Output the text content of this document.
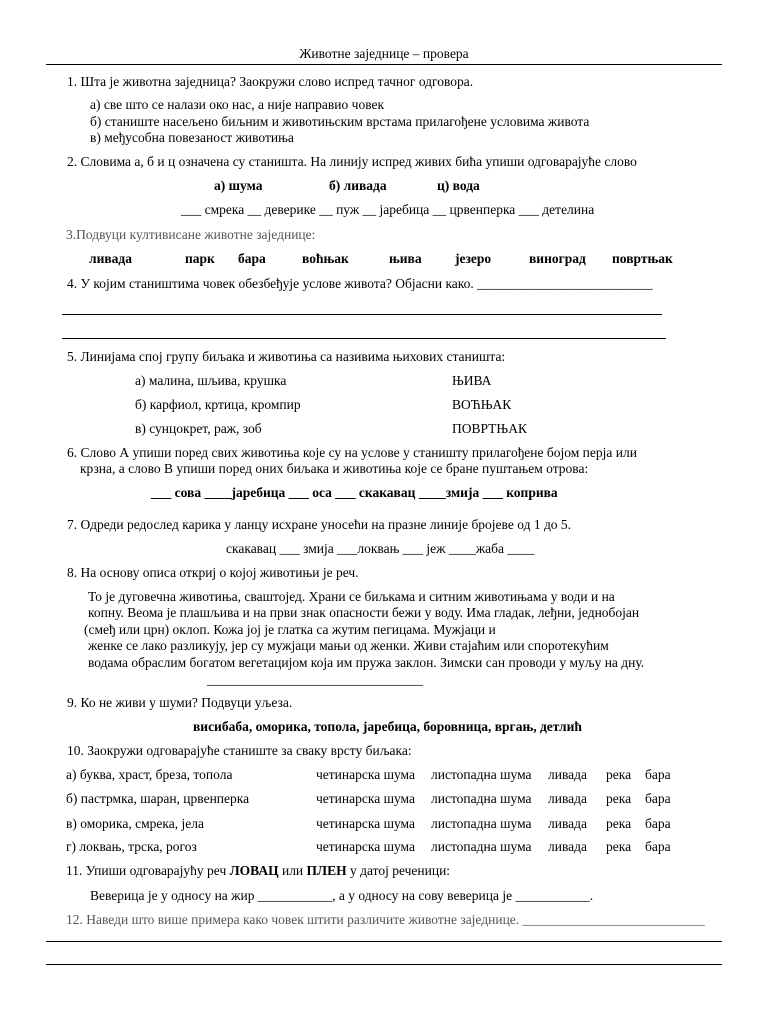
Животне заједнице – провера
1. Шта је животна заједница? Заокружи слово испред тачног одговора.
а) све што се налази око нас, а није направио човек
б) станиште насељено биљним и животињским врстама прилагођене условима живота
в) међусобна повезаност животиња
2. Словима а, б и ц означена су станишта. На линију испред живих бића упиши одговарајуће слово
а) шума	б) ливада	ц) вода
___ смрека __ деверике __ пуж __ јаребица __ црвенперка ___ детелина
3.Подвуци култивисане животне заједнице:
ливада	парк бара	воћњак	њива језеро	виноград повртњак
4. У којим стаништима човек обезбеђује услове живота? Објасни како. __________________________
5. Линијама спој групу биљака и животиња са називима њихових станишта:
а) малина, шљива, крушка	ЊИВА
б) карфиол, кртица, кромпир	ВОЋЊАК
в) сунцокрет, раж, зоб	ПОВРТЊАК
6. Слово А упиши поред свих животиња које су на услове у станишту прилагођене бојом перја или
крзна, а слово В упиши поред оних биљака и животиња које се бране пуштањем отрова:
___ сова ____јаребица ___ оса ___ скакавац ____змија ___ коприва
7. Одреди редослед карика у ланцу исхране уносећи на празне линије бројеве од 1 до 5.
скакавац ___ змија ___локвањ ___ јеж ____жаба ____
8. На основу описа откриј о којој животињи је реч.
То је дуговечна животиња, сваштојед. Храни се биљкама и ситним животињама у води и на
копну. Веома је плашљива и на први знак опасности бежи у воду. Има гладак, леђни, једнобојан
(смеђ или црн) оклоп. Кожа јој је глатка са жутим пегицама. Мужјаци и
женке се лако разликују, јер су мужјаци мањи од женки. Живи стајаћим или споротекућим
водама обраслим богатом вегетацијом која им пружа заклон. Зимски сан проводи у муљу на дну.
________________________________
9. Ко не живи у шуми? Подвуци уљеза.
висибаба, оморика, топола, јаребица, боровница, вргањ, детлић
10. Заокружи одговарајуће станиште за сваку врсту биљака:
а) буква, храст, бреза, топола	четинарска шума листопадна шума ливада река бара
б) пастрмка, шаран, црвенперка	четинарска шума листопадна шума ливада река бара
в) оморика, смрека, јела	четинарска шума листопадна шума ливада река бара
г) локвањ, трска, рогоз	четинарска шума листопадна шума ливада река бара
11. Упиши одговарајућу реч ЛОВАЦ или ПЛЕН у датој реченици:
Веверица је у односу на жир ___________, а у односу на сову веверица је ___________.
12. Наведи што више примера како човек штити различите животне заједнице. ___________________________
